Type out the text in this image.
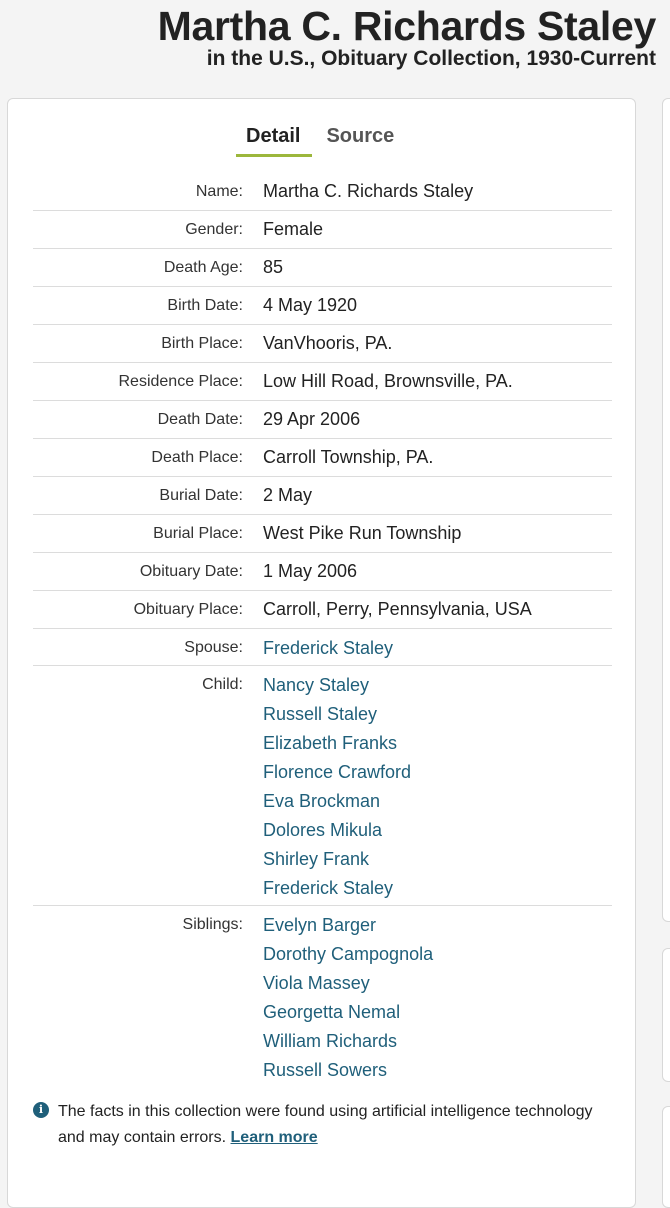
Martha C. Richards Staley
in the U.S., Obituary Collection, 1930-Current
Detail	Source
Name: Martha C. Richards Staley
Gender: Female
Death Age: 85
Birth Date: 4 May 1920
Birth Place: VanVhooris, PA.
Residence Place: Low Hill Road, Brownsville, PA.
Death Date: 29 Apr 2006
Death Place: Carroll Township, PA.
Burial Date: 2 May
Burial Place: West Pike Run Township
Obituary Date: 1 May 2006
Obituary Place: Carroll, Perry, Pennsylvania, USA
Spouse: Frederick Staley
Child: Nancy Staley
Russell Staley
Elizabeth Franks
Florence Crawford
Eva Brockman
Dolores Mikula
Shirley Frank
Frederick Staley
Siblings: Evelyn Barger
Dorothy Campognola
Viola Massey
Georgetta Nemal
William Richards
Russell Sowers
i The facts in this collection were found using artificial intelligence technology and may contain errors. Learn more
